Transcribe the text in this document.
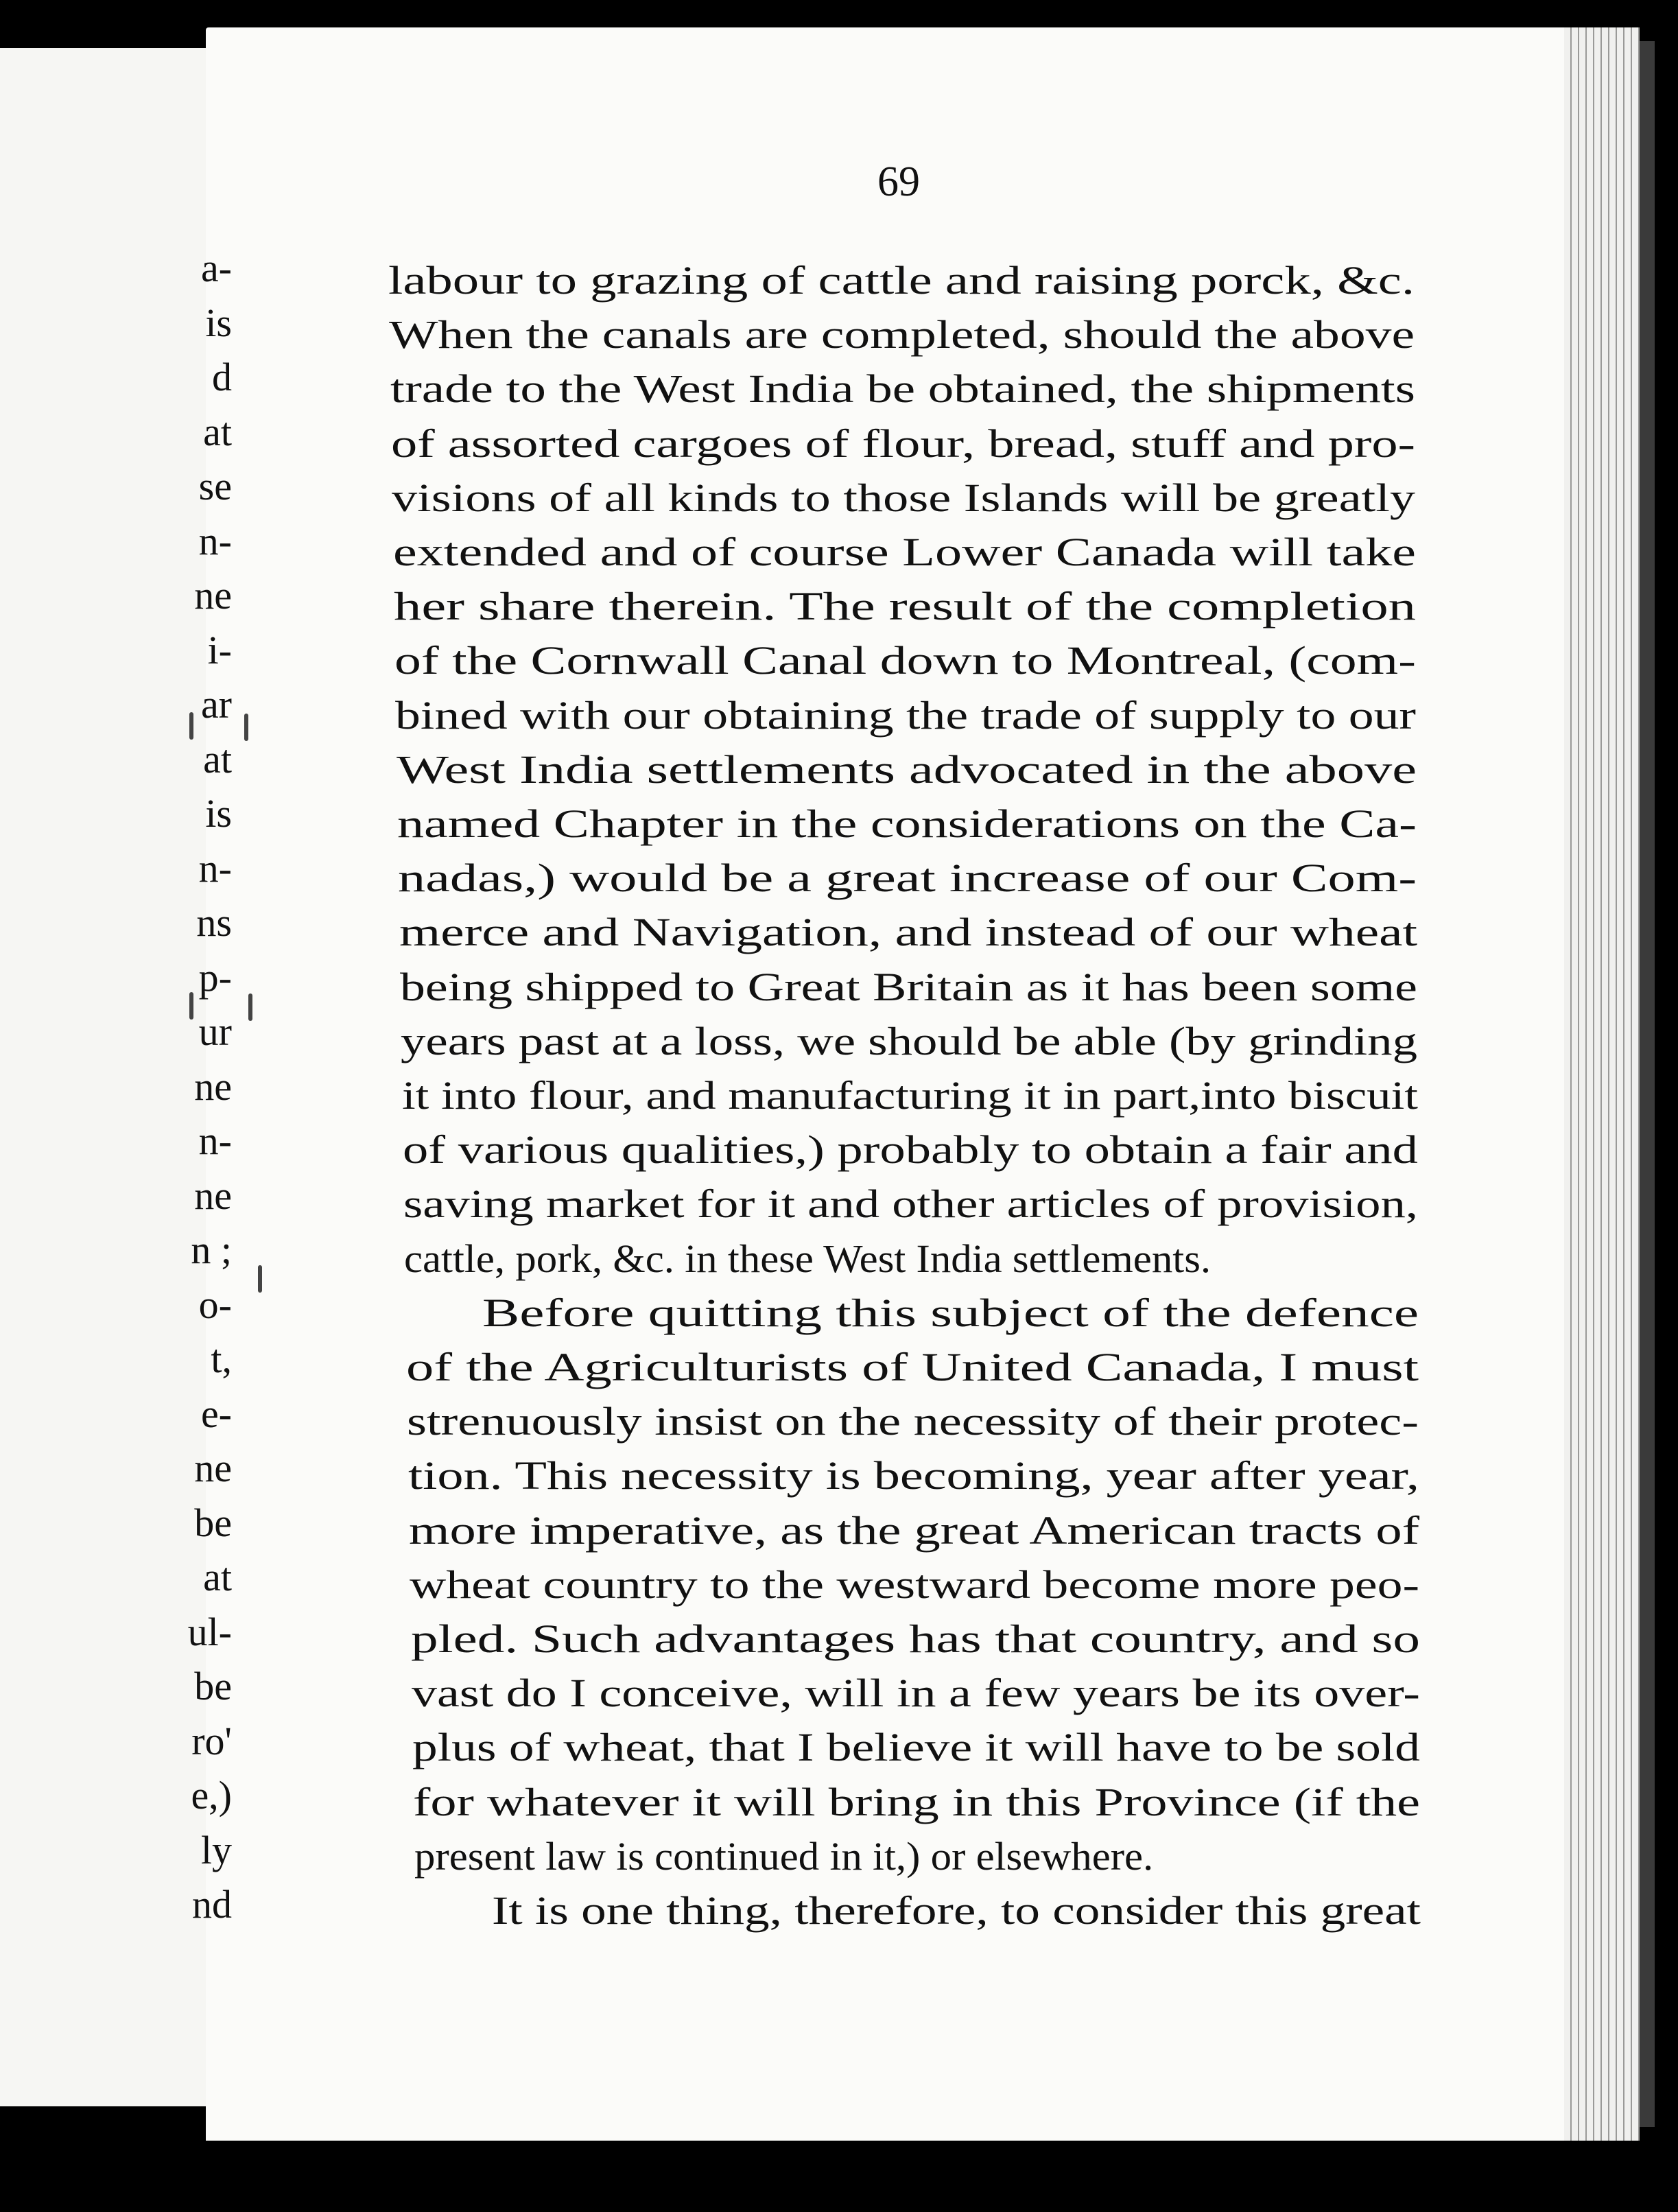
69
a-
is
d
at
se
n-
ne
i-
ar
at
is
n-
ns
p-
ur
ne
n-
ne
n ;
o-
t,
e-
ne
be
at
ul-
be
ro'
e,)
ly
nd
labour to grazing of cattle and raising porck, &c.
When the canals are completed, should the above
trade to the West India be obtained, the shipments
of assorted cargoes of flour, bread, stuff and pro-
visions of all kinds to those Islands will be greatly
extended and of course Lower Canada will take
her share therein. The result of the completion
of the Cornwall Canal down to Montreal, (com-
bined with our obtaining the trade of supply to our
West India settlements advocated in the above
named Chapter in the considerations on the Ca-
nadas,) would be a great increase of our Com-
merce and Navigation, and instead of our wheat
being shipped to Great Britain as it has been some
years past at a loss, we should be able (by grinding
it into flour, and manufacturing it in part,into biscuit
of various qualities,) probably to obtain a fair and
saving market for it and other articles of provision,
cattle, pork, &c. in these West India settlements.
Before quitting this subject of the defence
of the Agriculturists of United Canada, I must
strenuously insist on the necessity of their protec-
tion. This necessity is becoming, year after year,
more imperative, as the great American tracts of
wheat country to the westward become more peo-
pled. Such advantages has that country, and so
vast do I conceive, will in a few years be its over-
plus of wheat, that I believe it will have to be sold
for whatever it will bring in this Province (if the
present law is continued in it,) or elsewhere.
It is one thing, therefore, to consider this great
